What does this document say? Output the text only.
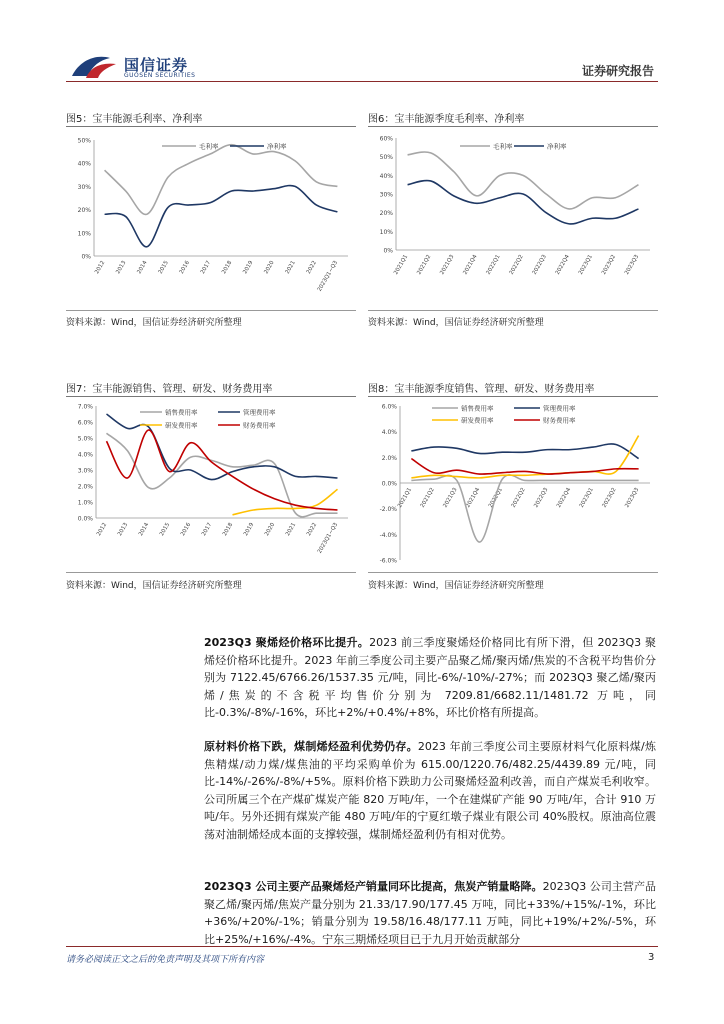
国信证券
GUOSEN SECURITIES	证券研究报告
图5：宝丰能源毛利率、净利率
0%
10%
20%
30%
40%
50%
2012 2013 2014 2015 2016 2017 2018 2019 2020 2021 2022
2023Q1~Q3
毛利率	净利率
资料来源：Wind，国信证券经济研究所整理
图6：宝丰能源季度毛利率、净利率
0%
10%
20%
30%
40%
50%
60%
2021Q1 2021Q2 2021Q3 2021Q4 2022Q1 2022Q2 2022Q3 2022Q4 2023Q1 2023Q2 2023Q3
毛利率	净利率
资料来源：Wind，国信证券经济研究所整理
图7：宝丰能源销售、管理、研发、财务费用率
0.0%
1.0%
2.0%
3.0%
4.0%
5.0%
6.0%
7.0%
2012 2013 2014 2015 2016 2017 2018 2019 2020 2021 2022
2023Q1~Q3
销售费用率	管理费用率
研发费用率	财务费用率
资料来源：Wind，国信证券经济研究所整理
图8：宝丰能源季度销售、管理、研发、财务费用率
-6.0%
-4.0%
-2.0%
0.0%
2.0%
4.0%
6.0%
2021Q1 2021Q2 2021Q3 2021Q4 2022Q1 2022Q2 2022Q3 2022Q4 2023Q1 2023Q2 2023Q3
销售费用率	管理费用率
研发费用率	财务费用率
资料来源：Wind，国信证券经济研究所整理
2023Q3 聚烯烃价格环比提升。2023 前三季度聚烯烃价格同比有所下滑，但 2023Q3 聚烯烃价格环比提升。2023 年前三季度公司主要产品聚乙烯/聚丙烯/焦炭的不含税平均售价分别为 7122.45/6766.26/1537.35 元/吨，同比-6%/-10%/-27%；而 2023Q3 聚乙烯/聚丙烯/焦炭的不含税平均售价分别为 7209.81/6682.11/1481.72 万吨，同比-0.3%/-8%/-16%，环比+2%/+0.4%/+8%，环比价格有所提高。
原材料价格下跌，煤制烯烃盈利优势仍存。2023 年前三季度公司主要原材料气化原料煤/炼焦精煤/动力煤/煤焦油的平均采购单价为 615.00/1220.76/482.25/4439.89 元/吨，同比-14%/-26%/-8%/+5%。原料价格下跌助力公司聚烯烃盈利改善，而自产煤炭毛利收窄。公司所属三个在产煤矿煤炭产能 820 万吨/年，一个在建煤矿产能 90 万吨/年，合计 910 万吨/年。另外还拥有煤炭产能 480 万吨/年的宁夏红墩子煤业有限公司 40%股权。原油高位震荡对油制烯烃成本面的支撑较强，煤制烯烃盈利仍有相对优势。
2023Q3 公司主要产品聚烯烃产销量同环比提高，焦炭产销量略降。2023Q3 公司主营产品聚乙烯/聚丙烯/焦炭产量分别为 21.33/17.90/177.45 万吨，同比+33%/+15%/-1%，环比+36%/+20%/-1%；销量分别为 19.58/16.48/177.11 万吨，同比+19%/+2%/-5%，环比+25%/+16%/-4%。宁东三期烯烃项目已于九月开始贡献部分
请务必阅读正文之后的免责声明及其项下所有内容	3
